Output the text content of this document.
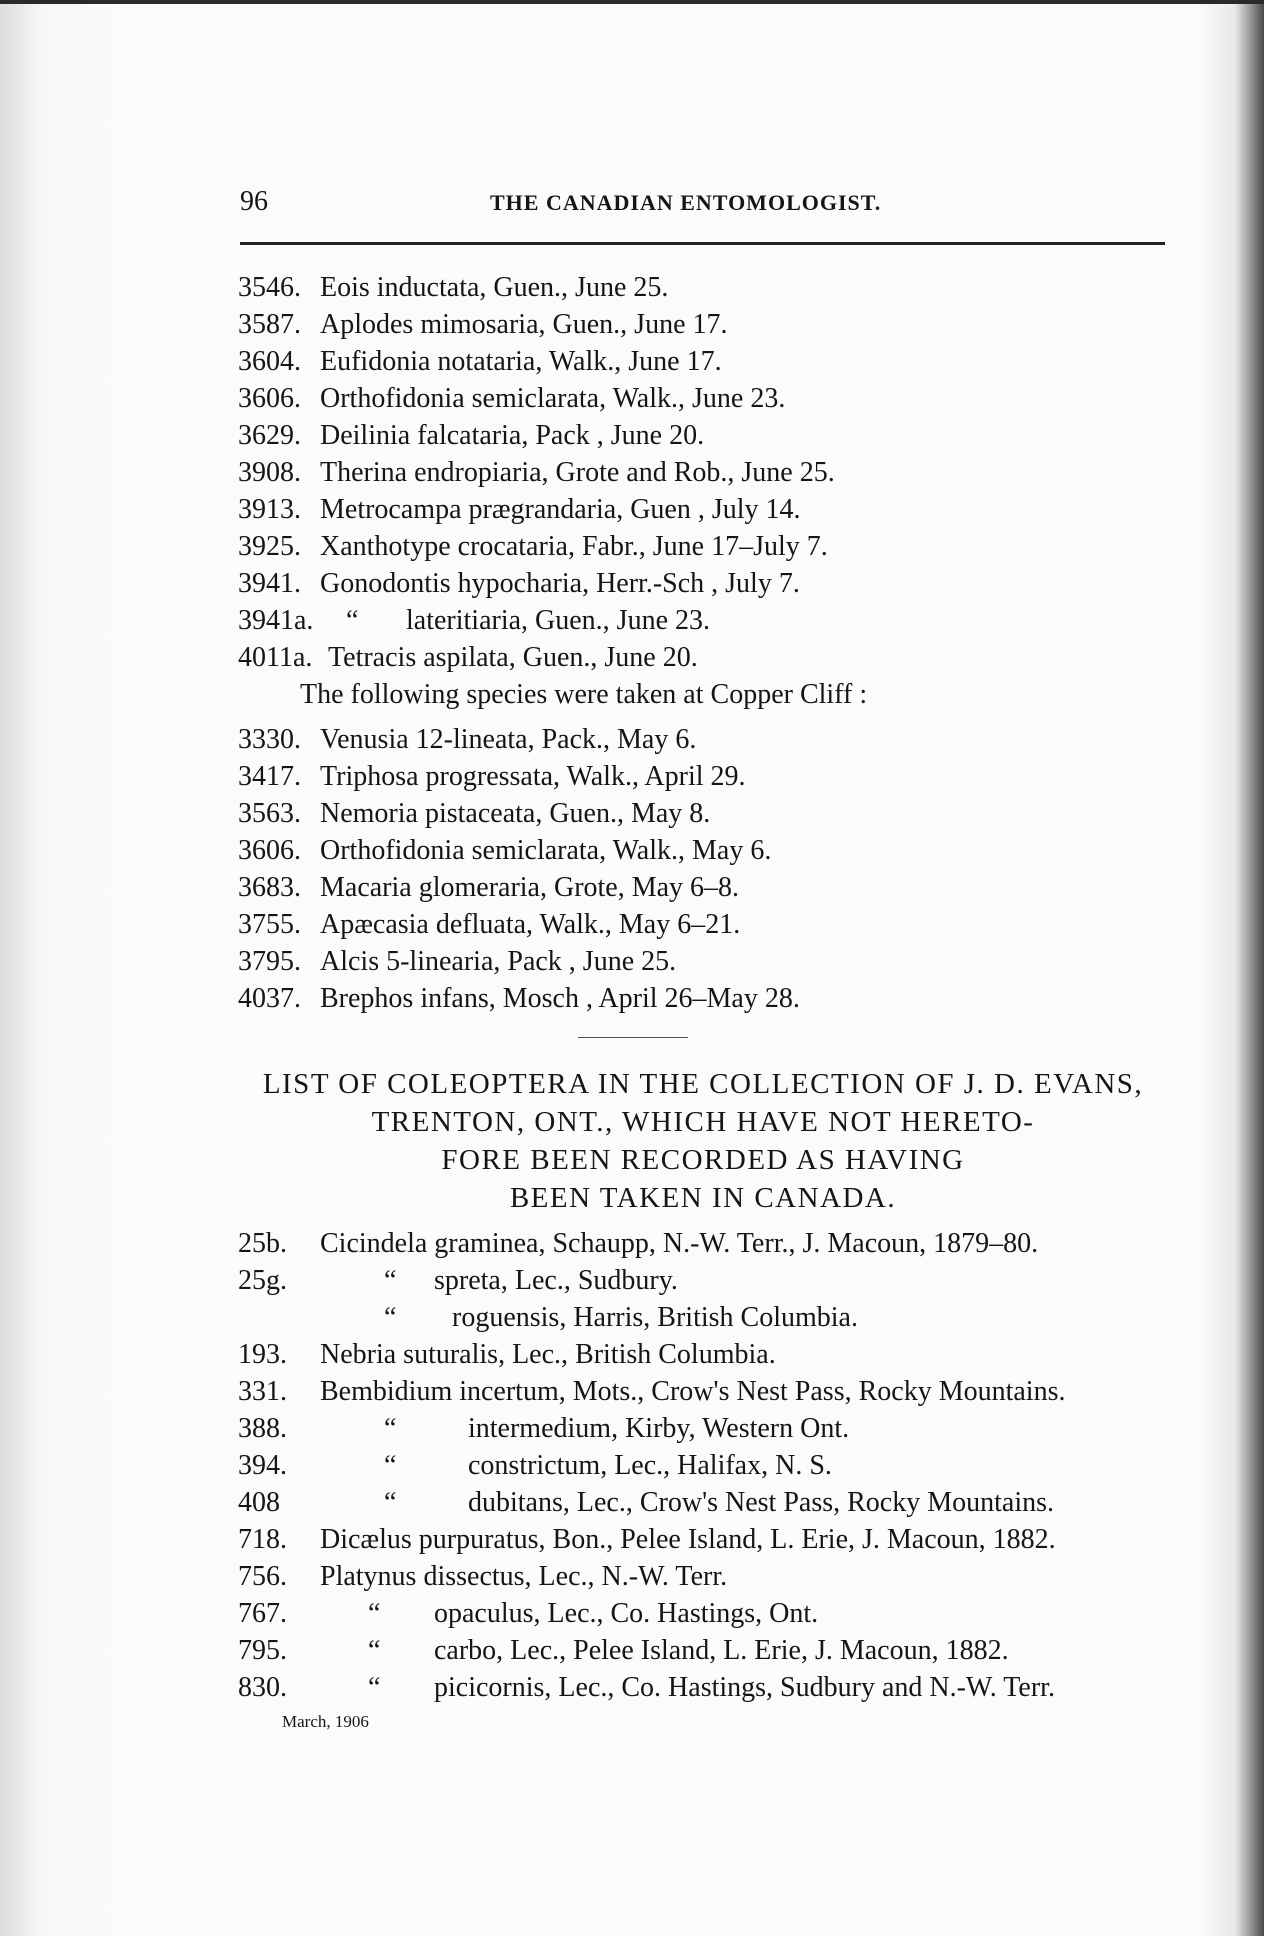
96	THE CANADIAN ENTOMOLOGIST.
3546. Eois inductata, Guen., June 25.
3587. Aplodes mimosaria, Guen., June 17.
3604. Eufidonia notataria, Walk., June 17.
3606. Orthofidonia semiclarata, Walk., June 23.
3629. Deilinia falcataria, Pack , June 20.
3908. Therina endropiaria, Grote and Rob., June 25.
3913. Metrocampa prægrandaria, Guen , July 14.
3925. Xanthotype crocataria, Fabr., June 17–July 7.
3941. Gonodontis hypocharia, Herr.-Sch , July 7.
3941a. “ lateritiaria, Guen., June 23.
4011a. Tetracis aspilata, Guen., June 20.
The following species were taken at Copper Cliff :
3330. Venusia 12-lineata, Pack., May 6.
3417. Triphosa progressata, Walk., April 29.
3563. Nemoria pistaceata, Guen., May 8.
3606. Orthofidonia semiclarata, Walk., May 6.
3683. Macaria glomeraria, Grote, May 6–8.
3755. Apæcasia defluata, Walk., May 6–21.
3795. Alcis 5-linearia, Pack , June 25.
4037. Brephos infans, Mosch , April 26–May 28.
LIST OF COLEOPTERA IN THE COLLECTION OF J. D. EVANS,
TRENTON, ONT., WHICH HAVE NOT HERETO-
FORE BEEN RECORDED AS HAVING
BEEN TAKEN IN CANADA.
25b. Cicindela graminea, Schaupp, N.-W. Terr., J. Macoun, 1879–80.
25g.	“ spreta, Lec., Sudbury.
“ roguensis, Harris, British Columbia.
193. Nebria suturalis, Lec., British Columbia.
331. Bembidium incertum, Mots., Crow's Nest Pass, Rocky Mountains.
388.	“	intermedium, Kirby, Western Ont.
394.	“	constrictum, Lec., Halifax, N. S.
408	“	dubitans, Lec., Crow's Nest Pass, Rocky Mountains.
718. Dicælus purpuratus, Bon., Pelee Island, L. Erie, J. Macoun, 1882.
756. Platynus dissectus, Lec., N.-W. Terr.
767.	“ opaculus, Lec., Co. Hastings, Ont.
795.	“ carbo, Lec., Pelee Island, L. Erie, J. Macoun, 1882.
830.	“ picicornis, Lec., Co. Hastings, Sudbury and N.-W. Terr.
March, 1906
